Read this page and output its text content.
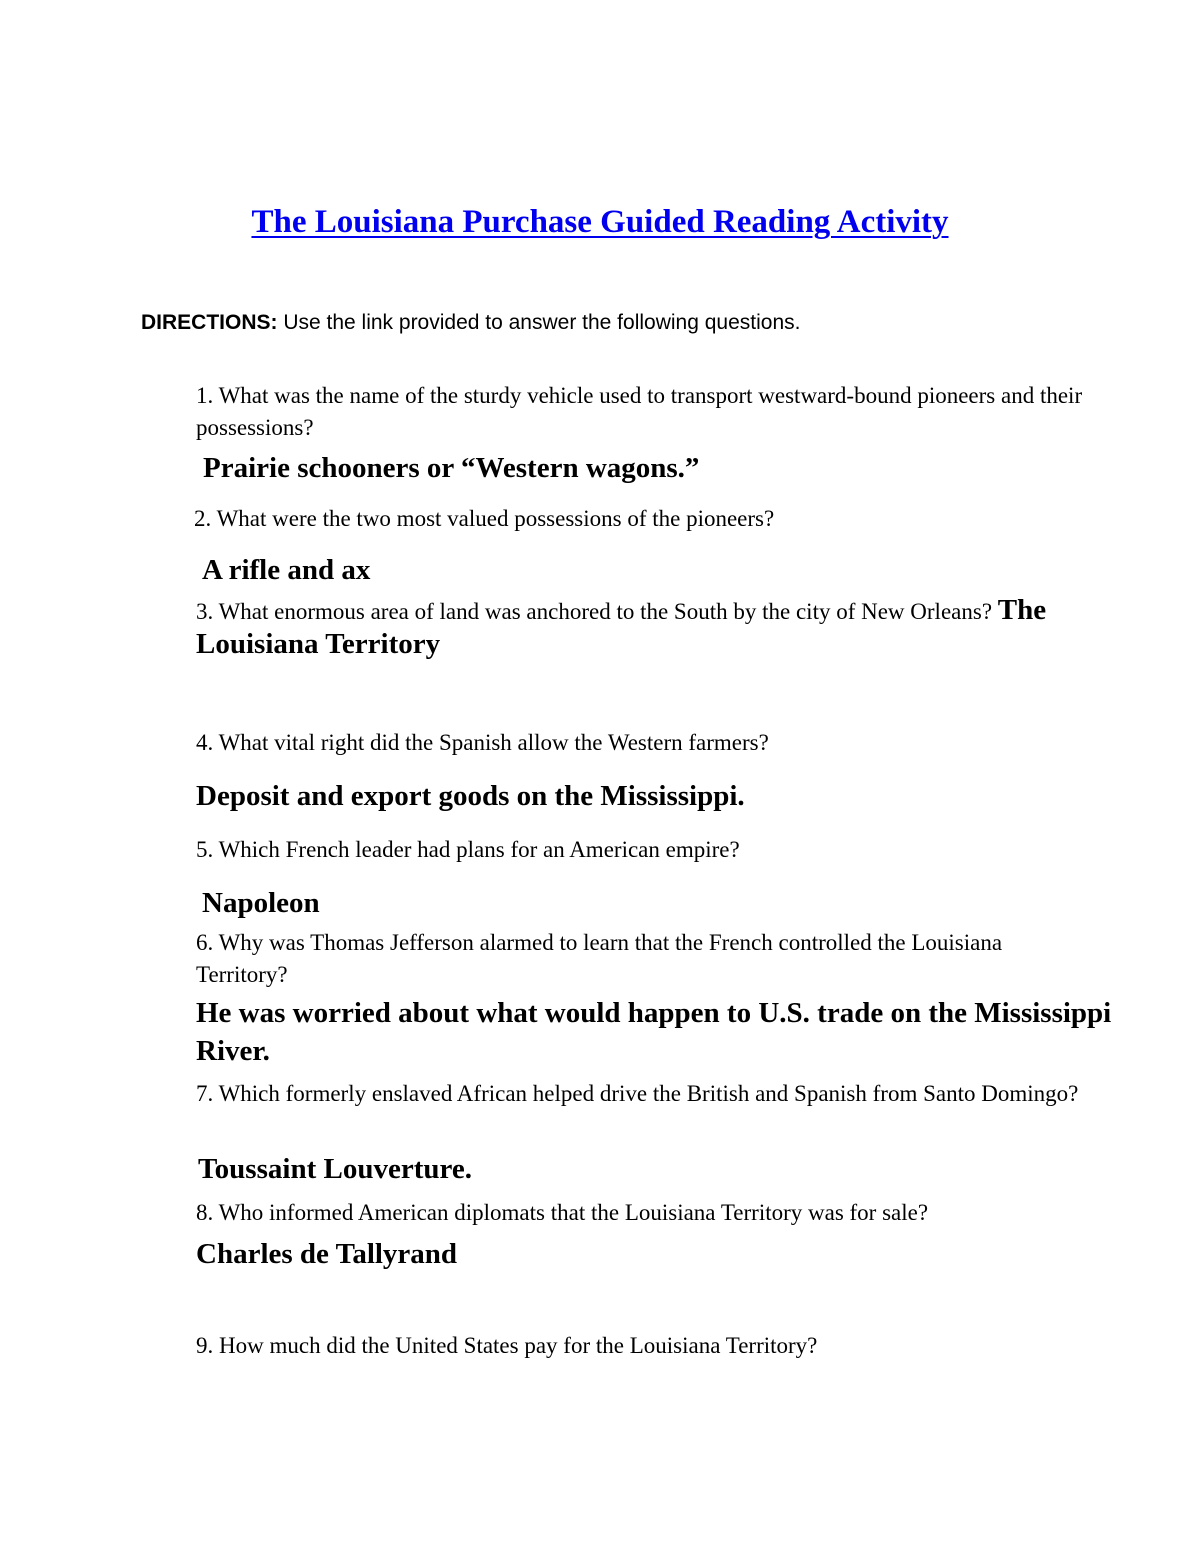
The Louisiana Purchase Guided Reading Activity
DIRECTIONS: Use the link provided to answer the following questions.
1. What was the name of the sturdy vehicle used to transport westward-bound pioneers and their possessions?
Prairie schooners or “Western wagons.”
2. What were the two most valued possessions of the pioneers?
A rifle and ax
3. What enormous area of land was anchored to the South by the city of New Orleans? The Louisiana Territory
4. What vital right did the Spanish allow the Western farmers?
Deposit and export goods on the Mississippi.
5. Which French leader had plans for an American empire?
Napoleon
6. Why was Thomas Jefferson alarmed to learn that the French controlled the Louisiana Territory?
He was worried about what would happen to U.S. trade on the Mississippi River.
7. Which formerly enslaved African helped drive the British and Spanish from Santo Domingo?
Toussaint Louverture.
8. Who informed American diplomats that the Louisiana Territory was for sale?
Charles de Tallyrand
9. How much did the United States pay for the Louisiana Territory?
